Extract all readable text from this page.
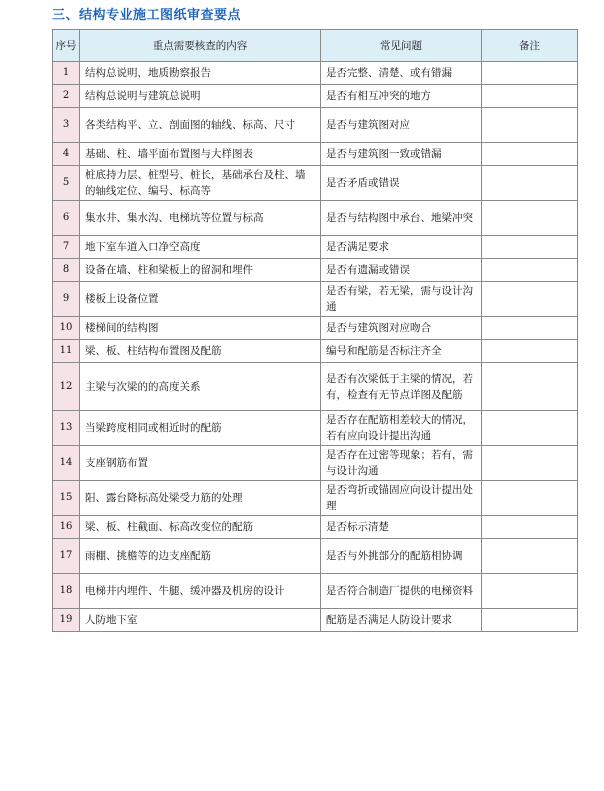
三、结构专业施工图纸审查要点
序号	重点需要核查的内容	常见问题	备注
1	结构总说明，地质勘察报告	是否完整、清楚、或有错漏	
2	结构总说明与建筑总说明	是否有相互冲突的地方	
3	各类结构平、立、剖面图的轴线、标高、尺寸	是否与建筑图对应	
4	基础、柱、墙平面布置图与大样图表	是否与建筑图一致或错漏	
5	桩底持力层、桩型号、桩长，基础承台及柱、墙的轴线定位、编号、标高等	是否矛盾或错误	
6	集水井、集水沟、电梯坑等位置与标高	是否与结构图中承台、地梁冲突	
7	地下室车道入口净空高度	是否满足要求	
8	设备在墙、柱和梁板上的留洞和埋件	是否有遗漏或错误	
9	楼板上设备位置	是否有梁，若无梁，需与设计沟通	
10	楼梯间的结构图	是否与建筑图对应吻合	
11	梁、板、柱结构布置图及配筋	编号和配筋是否标注齐全	
12	主梁与次梁的的高度关系	是否有次梁低于主梁的情况，若有，检查有无节点详图及配筋	
13	当梁跨度相同或相近时的配筋	是否存在配筋相差较大的情况，若有应向设计提出沟通	
14	支座钢筋布置	是否存在过密等现象；若有，需与设计沟通	
15	阳、露台降标高处梁受力筋的处理	是否弯折或锚固应向设计提出处理	
16	梁、板、柱截面、标高改变位的配筋	是否标示清楚	
17	雨棚、挑檐等的边支座配筋	是否与外挑部分的配筋相协调	
18	电梯井内埋件、牛腿、缓冲器及机房的设计	是否符合制造厂提供的电梯资料	
19	人防地下室	配筋是否满足人防设计要求	
